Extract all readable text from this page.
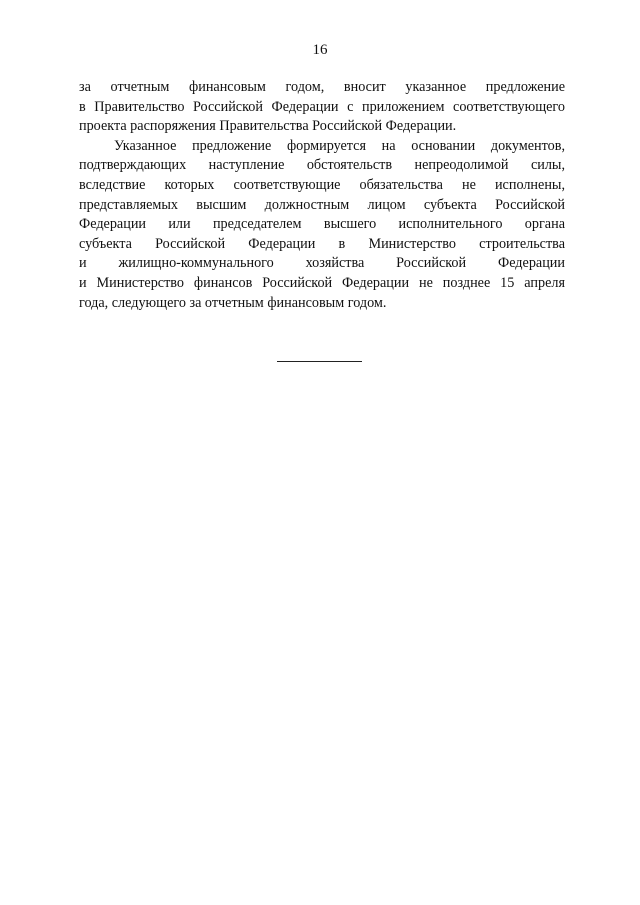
16
за отчетным финансовым годом, вносит указанное предложение
в Правительство Российской Федерации с приложением соответствующего
проекта распоряжения Правительства Российской Федерации.
Указанное предложение формируется на основании документов,
подтверждающих наступление обстоятельств непреодолимой силы,
вследствие которых соответствующие обязательства не исполнены,
представляемых высшим должностным лицом субъекта Российской
Федерации или председателем высшего исполнительного органа
субъекта Российской Федерации в Министерство строительства
и жилищно-коммунального хозяйства Российской Федерации
и Министерство финансов Российской Федерации не позднее 15 апреля
года, следующего за отчетным финансовым годом.
